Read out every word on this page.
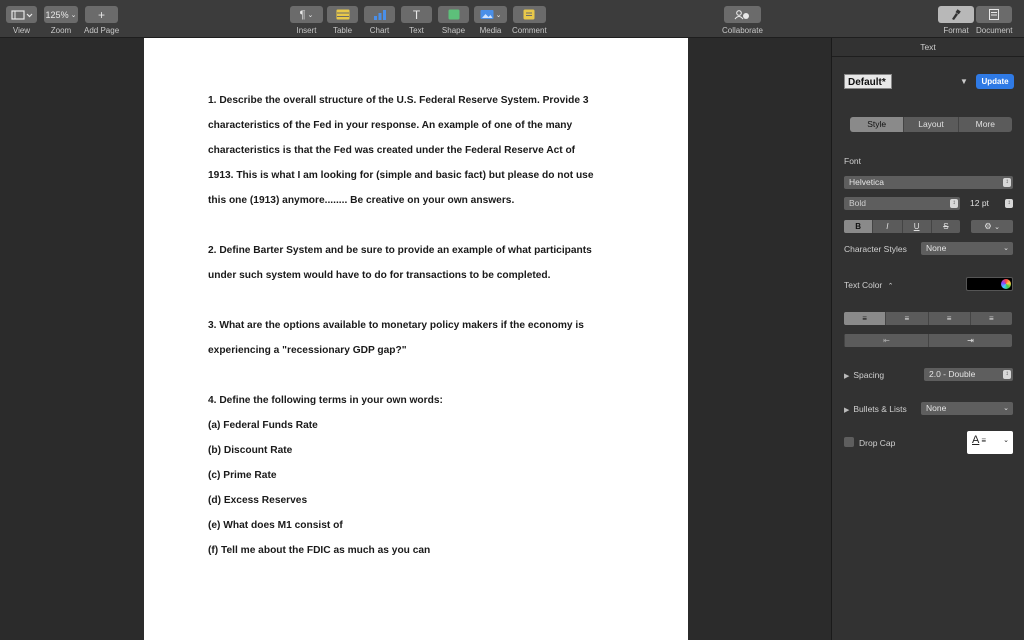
View
125% ⌄
Zoom
+
Add Page
¶ ⌄
Insert Table Chart
T
Text Shape
⌄
Media Comment	Collaborate	Format Document

1. Describe the overall structure of the U.S. Federal Reserve System. Provide 3

characteristics of the Fed in your response. An example of one of the many

characteristics is that the Fed was created under the Federal Reserve Act of

1913. This is what I am looking for (simple and basic fact) but please do not use

this one (1913) anymore........ Be creative on your own answers.

2. Define Barter System and be sure to provide an example of what participants

under such system would have to do for transactions to be completed.

3. What are the options available to monetary policy makers if the economy is

experiencing a "recessionary GDP gap?"

4. Define the following terms in your own words:

(a) Federal Funds Rate

(b) Discount Rate

(c) Prime Rate

(d) Excess Reserves

(e) What does M1 consist of

(f) Tell me about the FDIC as much as you can

Text
Default*	▼	Update
Style	Layout	More
Font
Helvetica	↕
Bold	↕ 12 pt	↕
B	I	U	S	⚙ ⌄
Character Styles	None	⌄
Text Color ⌃
≡	≡	≡	≡
⇤	⇥
▶ Spacing	2.0 - Double	↕
▶ Bullets & Lists	None	⌄
Drop Cap	A ≡	⌄
